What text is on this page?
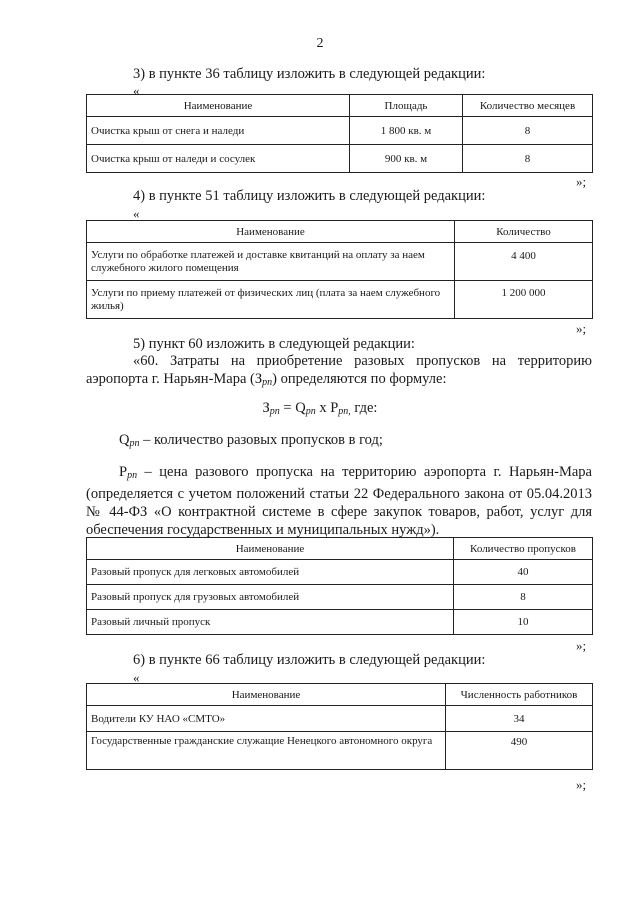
2
3) в пункте 36 таблицу изложить в следующей редакции:
«
Наименование	Площадь	Количество месяцев
Очистка крыш от снега и наледи	1 800 кв. м	8
Очистка крыш от наледи и сосулек	900 кв. м	8
»;
4) в пункте 51 таблицу изложить в следующей редакции:
«
Наименование	Количество
Услуги по обработке платежей и доставке квитанций на оплату за наем служебного жилого помещения	4 400
Услуги по приему платежей от физических лиц (плата за наем служебного жилья)	1 200 000
»;
5) пункт 60 изложить в следующей редакции:
«60. Затраты на приобретение разовых пропусков на территорию аэропорта г. Нарьян-Мара $(З_{рп})$ определяются по формуле:
$З_{рп} = Q_{рп}$ x $P_{рп,}$ где:
$Q_{рп}$ – количество разовых пропусков в год;
$P_{рп}$ – цена разового пропуска на территорию аэропорта г. Нарьян-Мара (определяется с учетом положений статьи 22 Федерального закона от 05.04.2013 № 44-ФЗ «О контрактной системе в сфере закупок товаров, работ, услуг для обеспечения государственных и муниципальных нужд»).
Наименование	Количество пропусков
Разовый пропуск для легковых автомобилей	40
Разовый пропуск для грузовых автомобилей	8
Разовый личный пропуск	10
»;
6) в пункте 66 таблицу изложить в следующей редакции:
«
Наименование	Численность работников
Водители КУ НАО «СМТО»	34
Государственные гражданские служащие Ненецкого автономного округа	490
»;
